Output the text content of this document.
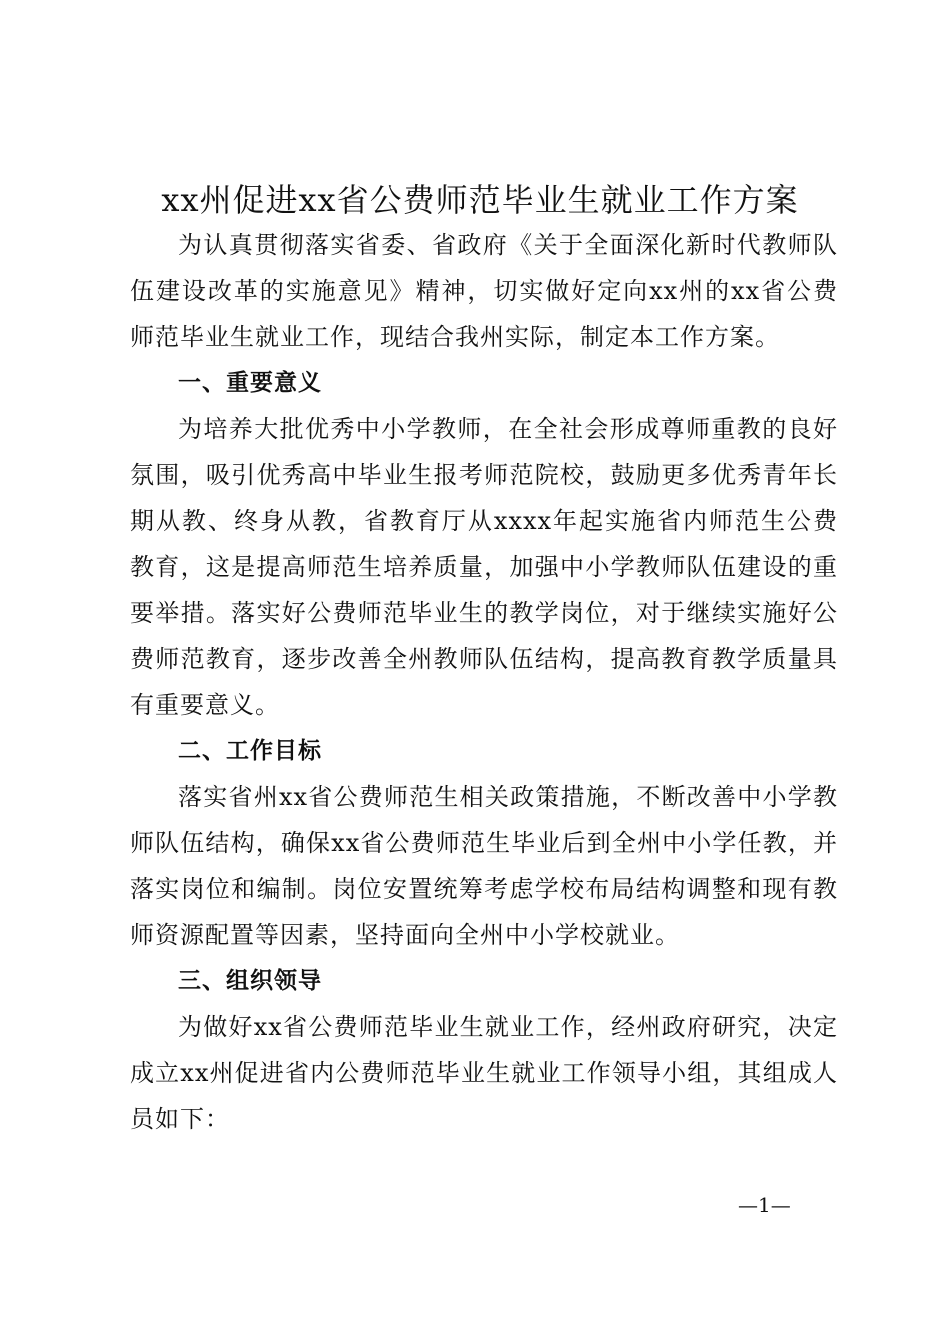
xx州促进xx省公费师范毕业生就业工作方案

为认真贯彻落实省委、省政府《关于全面深化新时代教师队伍建设改革的实施意见》精神，切实做好定向xx州的xx省公费师范毕业生就业工作，现结合我州实际，制定本工作方案。

一、重要意义

为培养大批优秀中小学教师，在全社会形成尊师重教的良好氛围，吸引优秀高中毕业生报考师范院校，鼓励更多优秀青年长期从教、终身从教，省教育厅从xxxx年起实施省内师范生公费教育，这是提高师范生培养质量，加强中小学教师队伍建设的重要举措。落实好公费师范毕业生的教学岗位，对于继续实施好公费师范教育，逐步改善全州教师队伍结构，提高教育教学质量具有重要意义。

二、工作目标

落实省州xx省公费师范生相关政策措施，不断改善中小学教师队伍结构，确保xx省公费师范生毕业后到全州中小学任教，并落实岗位和编制。岗位安置统筹考虑学校布局结构调整和现有教师资源配置等因素，坚持面向全州中小学校就业。

三、组织领导

为做好xx省公费师范毕业生就业工作，经州政府研究，决定成立xx州促进省内公费师范毕业生就业工作领导小组，其组成人员如下：

—1—
